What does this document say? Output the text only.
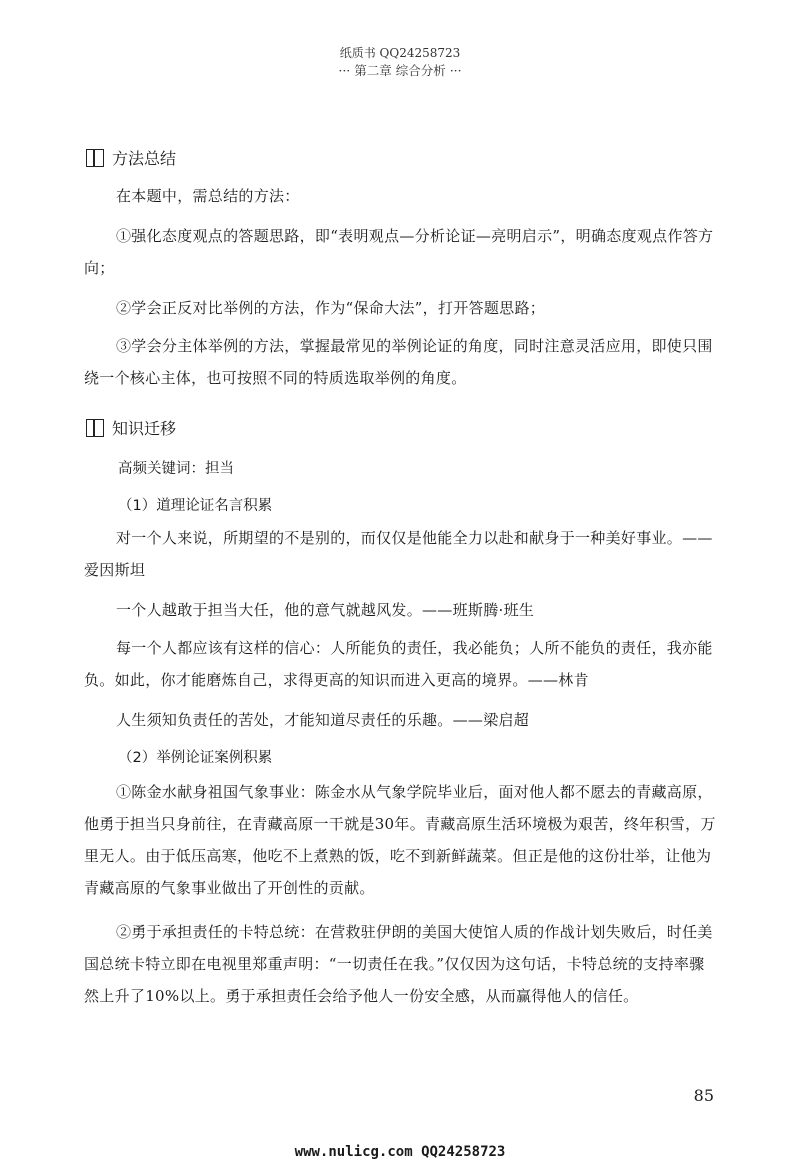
纸质书 QQ24258723
··· 第二章 综合分析 ···
方法总结
在本题中，需总结的方法：
①强化态度观点的答题思路，即“表明观点—分析论证—亮明启示”，明确态度观点作答方向；
②学会正反对比举例的方法，作为“保命大法”，打开答题思路；
③学会分主体举例的方法，掌握最常见的举例论证的角度，同时注意灵活应用，即使只围绕一个核心主体，也可按照不同的特质选取举例的角度。
知识迁移
高频关键词：担当
（1）道理论证名言积累
对一个人来说，所期望的不是别的，而仅仅是他能全力以赴和献身于一种美好事业。——爱因斯坦
一个人越敢于担当大任，他的意气就越风发。——班斯腾·班生
每一个人都应该有这样的信心：人所能负的责任，我必能负；人所不能负的责任，我亦能负。如此，你才能磨炼自己，求得更高的知识而进入更高的境界。——林肯
人生须知负责任的苦处，才能知道尽责任的乐趣。——梁启超
（2）举例论证案例积累
①陈金水献身祖国气象事业：陈金水从气象学院毕业后，面对他人都不愿去的青藏高原，他勇于担当只身前往，在青藏高原一干就是30年。青藏高原生活环境极为艰苦，终年积雪，万里无人。由于低压高寒，他吃不上煮熟的饭，吃不到新鲜蔬菜。但正是他的这份壮举，让他为青藏高原的气象事业做出了开创性的贡献。
②勇于承担责任的卡特总统：在营救驻伊朗的美国大使馆人质的作战计划失败后，时任美国总统卡特立即在电视里郑重声明：“一切责任在我。”仅仅因为这句话，卡特总统的支持率骤然上升了10%以上。勇于承担责任会给予他人一份安全感，从而赢得他人的信任。
85
www.nulicg.com QQ24258723
